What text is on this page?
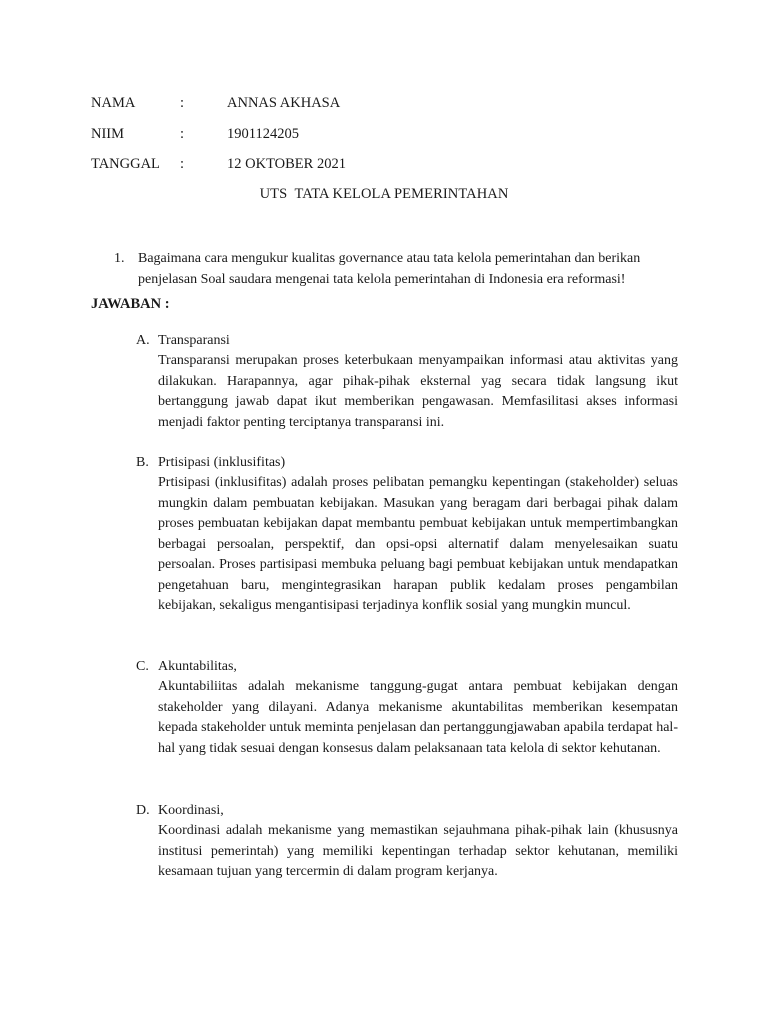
NAMA	:	ANNAS AKHASA
NIIM	:	1901124205
TANGGAL :	12 OKTOBER 2021
UTS  TATA KELOLA PEMERINTAHAN
1. Bagaimana cara mengukur kualitas governance atau tata kelola pemerintahan dan berikan penjelasan Soal saudara mengenai tata kelola pemerintahan di Indonesia era reformasi!
JAWABAN :
A. Transparansi
Transparansi merupakan proses keterbukaan menyampaikan informasi atau aktivitas yang dilakukan. Harapannya, agar pihak-pihak eksternal yag secara tidak langsung ikut bertanggung jawab dapat ikut memberikan pengawasan. Memfasilitasi akses informasi menjadi faktor penting terciptanya transparansi ini.
B. Prtisipasi (inklusifitas)
Prtisipasi (inklusifitas) adalah proses pelibatan pemangku kepentingan (stakeholder) seluas mungkin dalam pembuatan kebijakan. Masukan yang beragam dari berbagai pihak dalam proses pembuatan kebijakan dapat membantu pembuat kebijakan untuk mempertimbangkan berbagai persoalan, perspektif, dan opsi-opsi alternatif dalam menyelesaikan suatu persoalan. Proses partisipasi membuka peluang bagi pembuat kebijakan untuk mendapatkan pengetahuan baru, mengintegrasikan harapan publik kedalam proses pengambilan kebijakan, sekaligus mengantisipasi terjadinya konflik sosial yang mungkin muncul.
C. Akuntabilitas,
Akuntabiliitas adalah mekanisme tanggung-gugat antara pembuat kebijakan dengan stakeholder yang dilayani. Adanya mekanisme akuntabilitas memberikan kesempatan kepada stakeholder untuk meminta penjelasan dan pertanggungjawaban apabila terdapat hal-hal yang tidak sesuai dengan konsesus dalam pelaksanaan tata kelola di sektor kehutanan.
D. Koordinasi,
Koordinasi adalah mekanisme yang memastikan sejauhmana pihak-pihak lain (khususnya institusi pemerintah) yang memiliki kepentingan terhadap sektor kehutanan, memiliki kesamaan tujuan yang tercermin di dalam program kerjanya.
